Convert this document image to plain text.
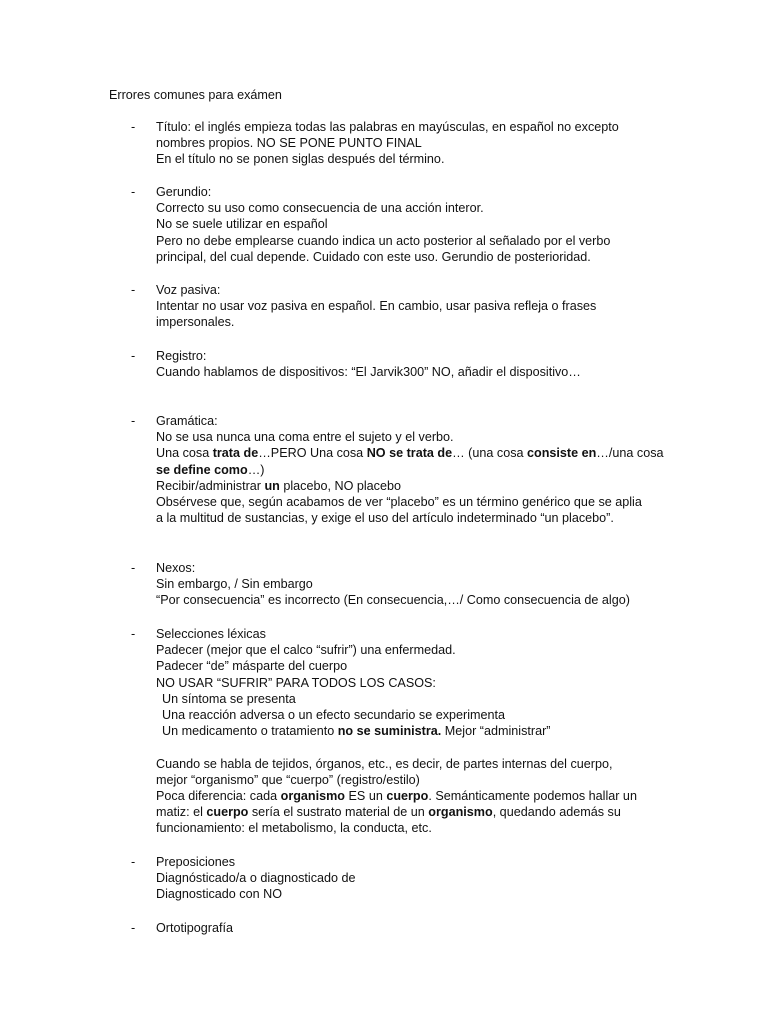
Errores comunes para exámen
-	Título: el inglés empieza todas las palabras en mayúsculas, en español no excepto
nombres propios. NO SE PONE PUNTO FINAL
En el título no se ponen siglas después del término.
-	Gerundio:
Correcto su uso como consecuencia de una acción interor.
No se suele utilizar en español
Pero no debe emplearse cuando indica un acto posterior al señalado por el verbo
principal, del cual depende. Cuidado con este uso. Gerundio de posterioridad.
-	Voz pasiva:
Intentar no usar voz pasiva en español. En cambio, usar pasiva refleja o frases
impersonales.
-	Registro:
Cuando hablamos de dispositivos: “El Jarvik300” NO, añadir el dispositivo…
-	Gramática:
No se usa nunca una coma entre el sujeto y el verbo.
Una cosa trata de…PERO Una cosa NO se trata de… (una cosa consiste en…/una cosa
se define como…)
Recibir/administrar un placebo, NO placebo
Obsérvese que, según acabamos de ver “placebo” es un término genérico que se aplia
a la multitud de sustancias, y exige el uso del artículo indeterminado “un placebo”.
-	Nexos:
Sin embargo, / Sin embargo
“Por consecuencia” es incorrecto (En consecuencia,…/ Como consecuencia de algo)
-	Selecciones léxicas
Padecer (mejor que el calco “sufrir”) una enfermedad.
Padecer “de” másparte del cuerpo
NO USAR “SUFRIR” PARA TODOS LOS CASOS:
Un síntoma se presenta
Una reacción adversa o un efecto secundario se experimenta
Un medicamento o tratamiento no se suministra. Mejor “administrar”
Cuando se habla de tejidos, órganos, etc., es decir, de partes internas del cuerpo,
mejor “organismo” que “cuerpo” (registro/estilo)
Poca diferencia: cada organismo ES un cuerpo. Semánticamente podemos hallar un
matiz: el cuerpo sería el sustrato material de un organismo, quedando además su
funcionamiento: el metabolismo, la conducta, etc.
-	Preposiciones
Diagnósticado/a o diagnosticado de
Diagnosticado con NO
-	Ortotipografía
